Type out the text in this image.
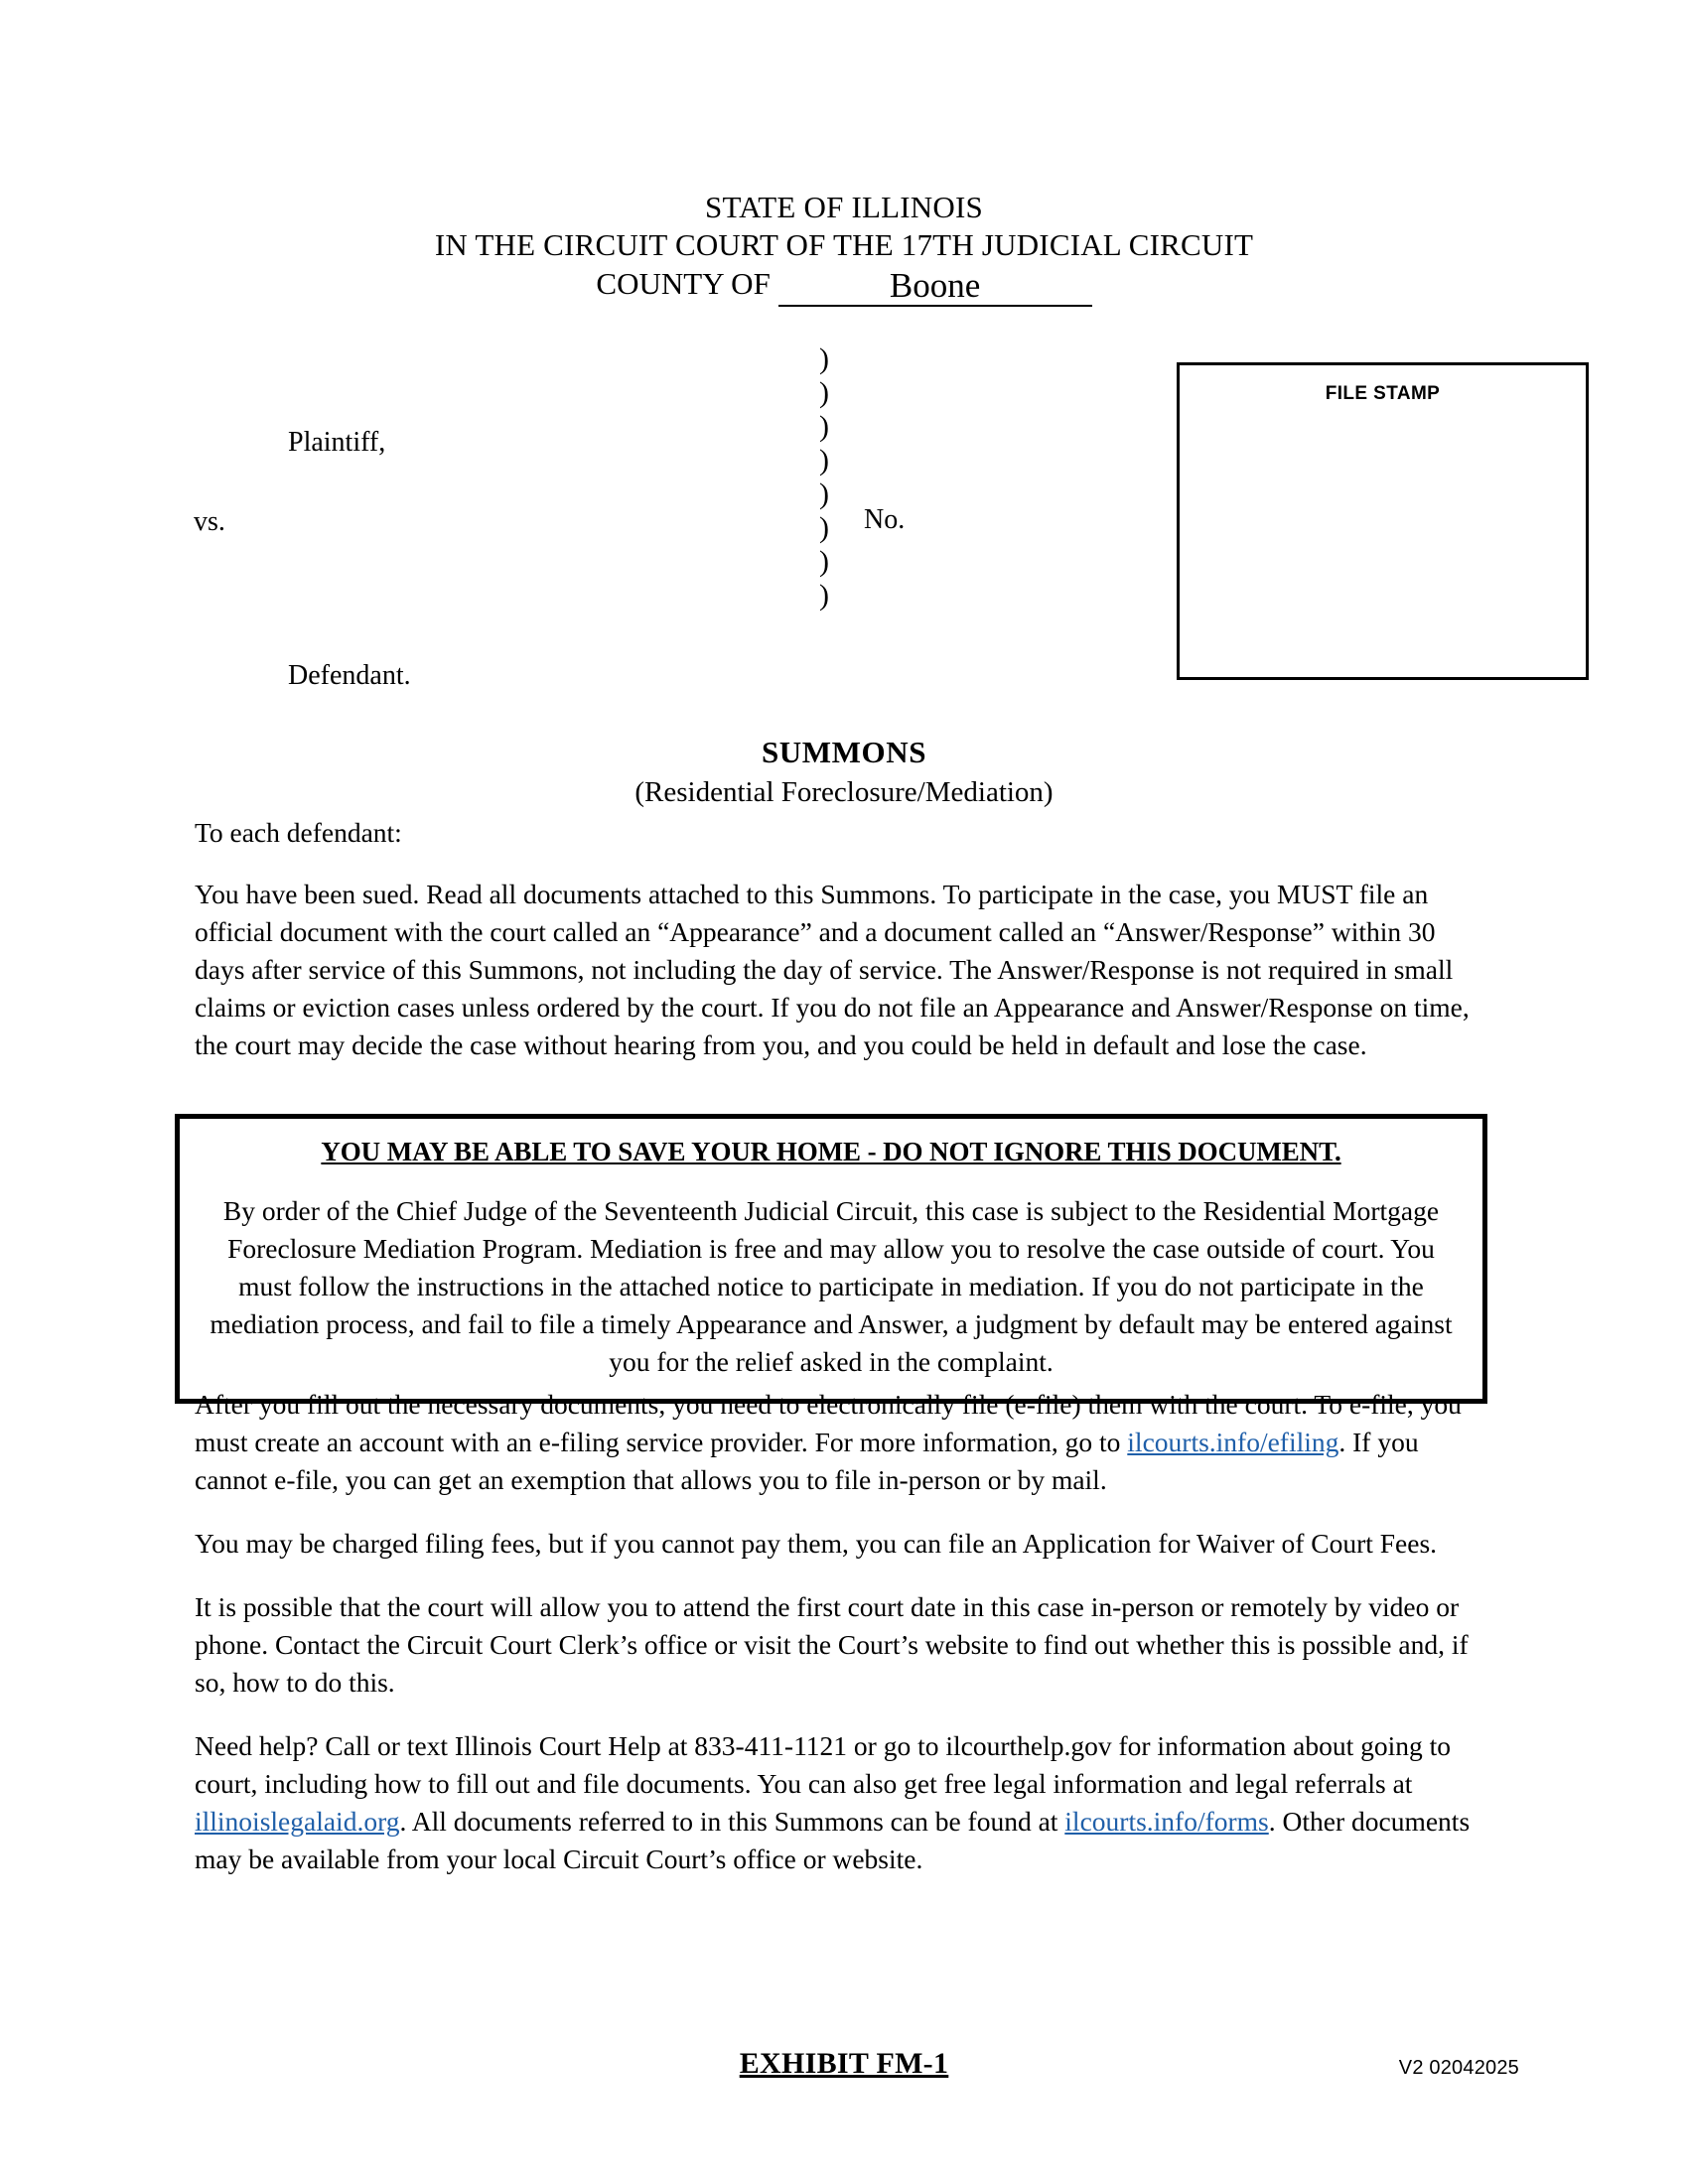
STATE OF ILLINOIS
IN THE CIRCUIT COURT OF THE 17TH JUDICIAL CIRCUIT
COUNTY OF	Boone
Plaintiff,
vs.
Defendant.
)
)
)
)
)
)
)
)
No.
FILE STAMP
SUMMONS
(Residential Foreclosure/Mediation)

To each defendant:

You have been sued. Read all documents attached to this Summons. To participate in the case, you MUST file an official document with the court called an “Appearance” and a document called an “Answer/Response” within 30 days after service of this Summons, not including the day of service. The Answer/Response is not required in small claims or eviction cases unless ordered by the court. If you do not file an Appearance and Answer/Response on time, the court may decide the case without hearing from you, and you could be held in default and lose the case.

YOU MAY BE ABLE TO SAVE YOUR HOME - DO NOT IGNORE THIS DOCUMENT.
By order of the Chief Judge of the Seventeenth Judicial Circuit, this case is subject to the Residential Mortgage Foreclosure Mediation Program. Mediation is free and may allow you to resolve the case outside of court. You must follow the instructions in the attached notice to participate in mediation. If you do not participate in the mediation process, and fail to file a timely Appearance and Answer, a judgment by default may be entered against you for the relief asked in the complaint.

After you fill out the necessary documents, you need to electronically file (e-file) them with the court. To e-file, you must create an account with an e-filing service provider. For more information, go to ilcourts.info/efiling. If you cannot e-file, you can get an exemption that allows you to file in-person or by mail.

You may be charged filing fees, but if you cannot pay them, you can file an Application for Waiver of Court Fees.

It is possible that the court will allow you to attend the first court date in this case in-person or remotely by video or phone. Contact the Circuit Court Clerk’s office or visit the Court’s website to find out whether this is possible and, if so, how to do this.

Need help? Call or text Illinois Court Help at 833-411-1121 or go to ilcourthelp.gov for information about going to court, including how to fill out and file documents. You can also get free legal information and legal referrals at illinoislegalaid.org. All documents referred to in this Summons can be found at ilcourts.info/forms. Other documents may be available from your local Circuit Court’s office or website.

EXHIBIT FM-1	V2 02042025
